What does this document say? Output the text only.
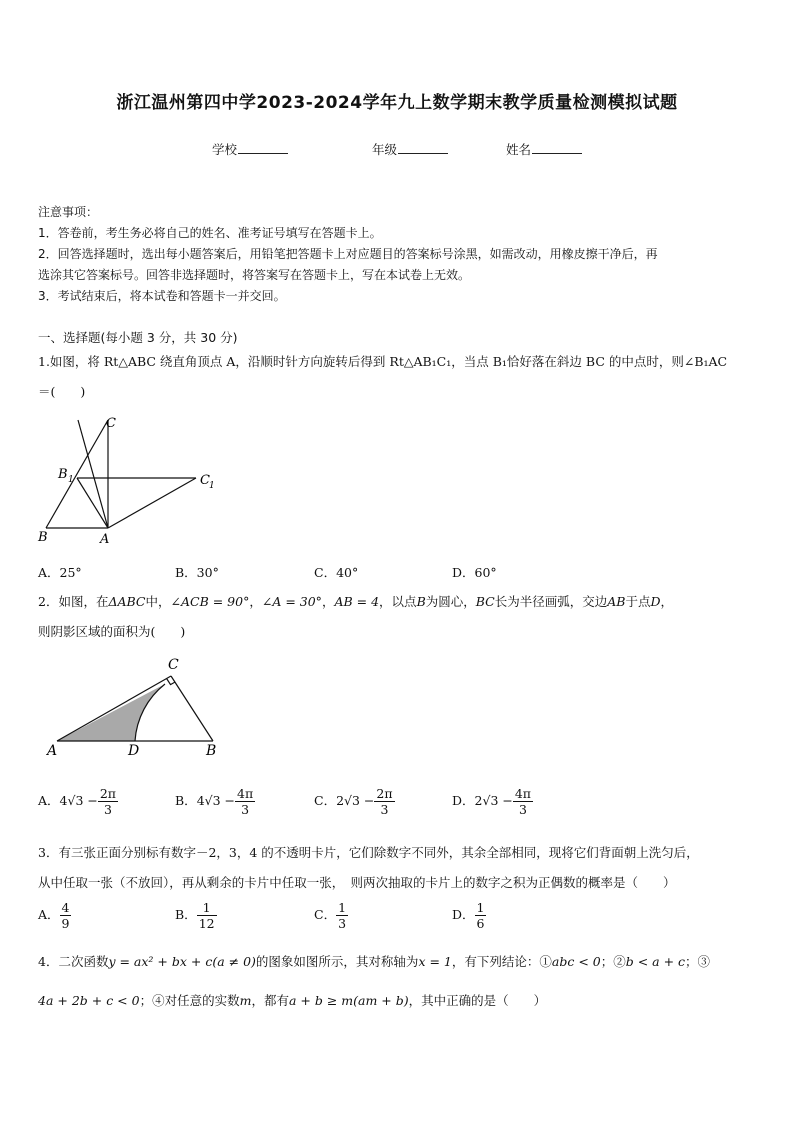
浙江温州第四中学2023-2024学年九上数学期末教学质量检测模拟试题
学校	年级	姓名
注意事项：
1．答卷前，考生务必将自己的姓名、准考证号填写在答题卡上。
2．回答选择题时，选出每小题答案后，用铅笔把答题卡上对应题目的答案标号涂黑，如需改动，用橡皮擦干净后，再
选涂其它答案标号。回答非选择题时，将答案写在答题卡上，写在本试卷上无效。
3．考试结束后，将本试卷和答题卡一并交回。
一、选择题(每小题 3 分，共 30 分)
1.如图，将 Rt△ABC 绕直角顶点 A，沿顺时针方向旋转后得到 Rt△AB₁C₁，当点 B₁恰好落在斜边 BC 的中点时，则∠B₁AC
＝(　　)
C
B 1	C 1
B	A
A．25°	B．30°	C．40°	D．60°
2．如图，在ΔABC中，∠ACB = 90°，∠A = 30°，AB = 4，以点B为圆心，BC长为半径画弧，交边AB于点D，
则阴影区域的面积为(　　)
C
A	D	B
A．$4√3 - \frac{2\pi}{3}$	B．$4√3 - \frac{4\pi}{3}$	C．$2√3 - \frac{2\pi}{3}$	D．$2√3 - \frac{4\pi}{3}$
3．有三张正面分别标有数字－2，3，4 的不透明卡片，它们除数字不同外，其余全部相同，现将它们背面朝上洗匀后，
从中任取一张（不放回），再从剩余的卡片中任取一张，　则两次抽取的卡片上的数字之积为正偶数的概率是（　　）
A． $\frac{4}{9}$	B． $\frac{1}{12}$	C． $\frac{1}{3}$	D． $\frac{1}{6}$
4．二次函数y = ax² + bx + c(a ≠ 0)的图象如图所示，其对称轴为x = 1，有下列结论：①abc < 0；②b < a + c；③
4a + 2b + c < 0；④对任意的实数m，都有a + b ≥ m(am + b)，其中正确的是（　　）
